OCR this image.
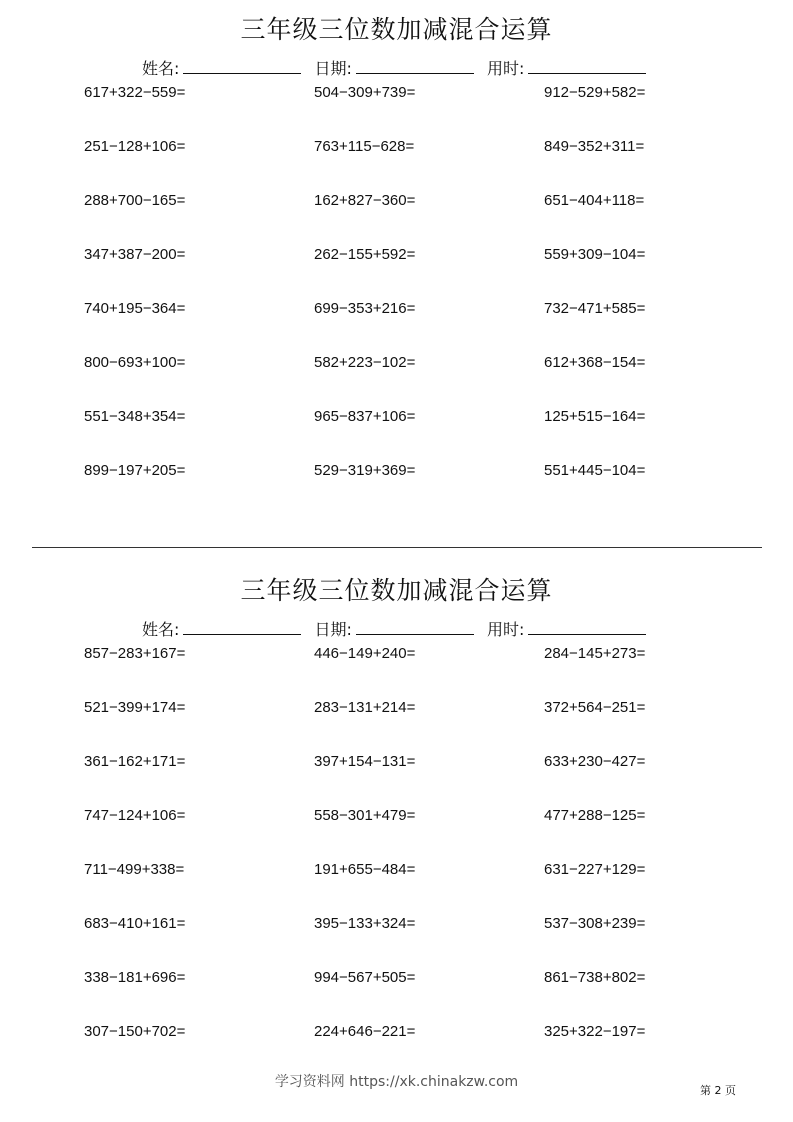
三年级三位数加减混合运算
姓名:	日期:	用时:
617+322−559=	504−309+739=	912−529+582=
251−128+106=	763+115−628=	849−352+311=
288+700−165=	162+827−360=	651−404+118=
347+387−200=	262−155+592=	559+309−104=
740+195−364=	699−353+216=	732−471+585=
800−693+100=	582+223−102=	612+368−154=
551−348+354=	965−837+106=	125+515−164=
899−197+205=	529−319+369=	551+445−104=
三年级三位数加减混合运算
姓名:	日期:	用时:
857−283+167=	446−149+240=	284−145+273=
521−399+174=	283−131+214=	372+564−251=
361−162+171=	397+154−131=	633+230−427=
747−124+106=	558−301+479=	477+288−125=
711−499+338=	191+655−484=	631−227+129=
683−410+161=	395−133+324=	537−308+239=
338−181+696=	994−567+505=	861−738+802=
307−150+702=	224+646−221=	325+322−197=
学习资料网 https://xk.chinakzw.com
第 2 页
